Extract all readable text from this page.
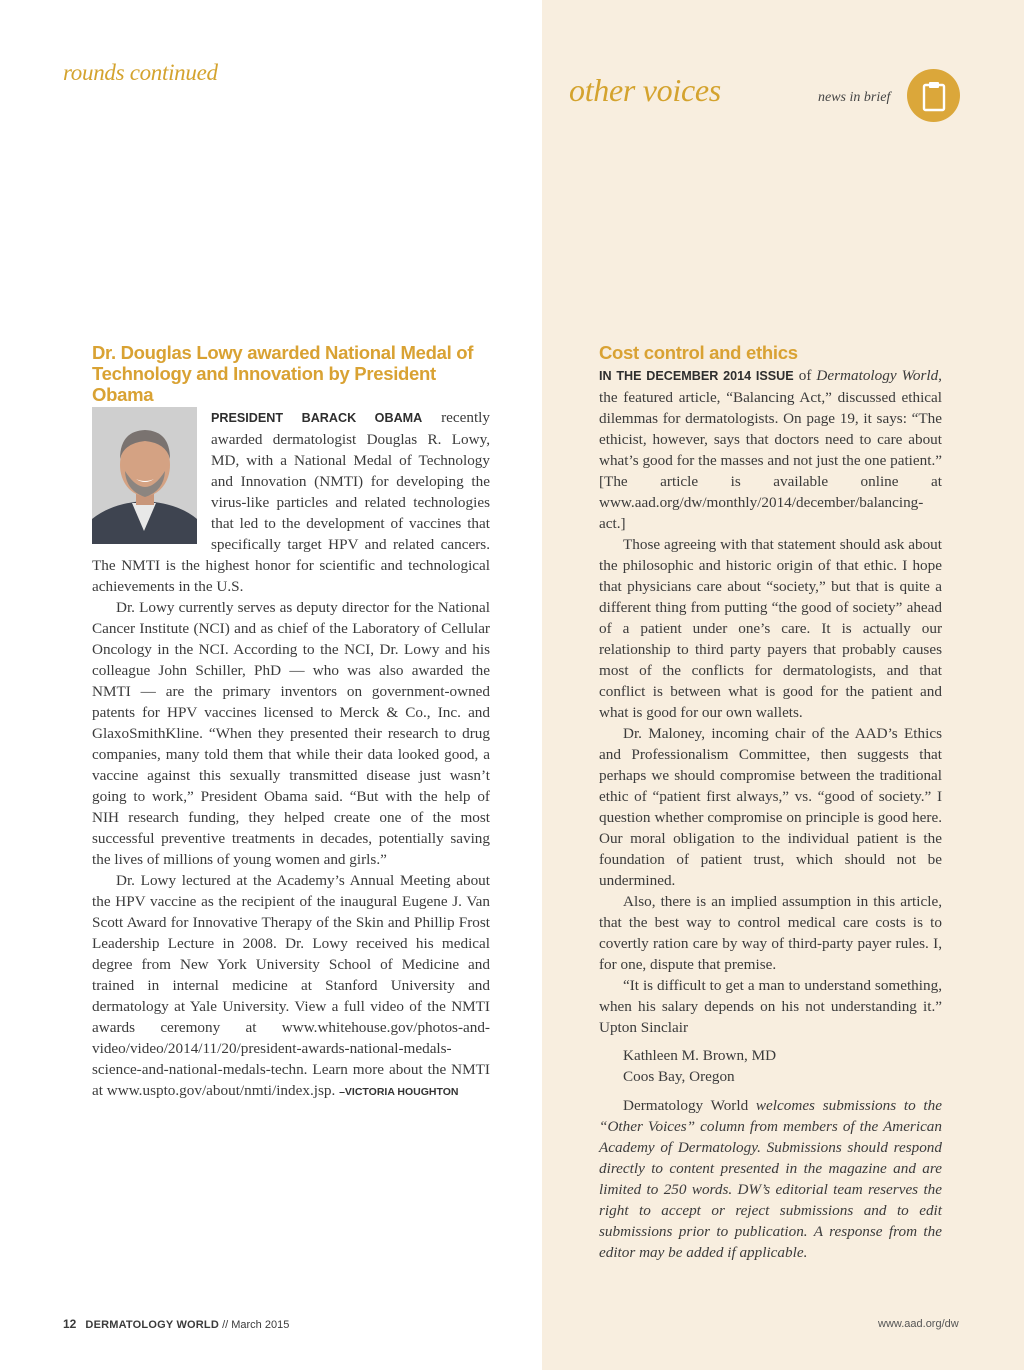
rounds continued	other voices	news in brief
Dr. Douglas Lowy awarded National Medal of Technology and Innovation by President Obama

PRESIDENT BARACK OBAMA recently awarded dermatologist Douglas R. Lowy, MD, with a National Medal of Technology and Innovation (NMTI) for developing the virus-like particles and related technologies that led to the development of vaccines that specifically target HPV and related cancers. The NMTI is the highest honor for scientific and technological achievements in the U.S.

Dr. Lowy currently serves as deputy director for the National Cancer Institute (NCI) and as chief of the Laboratory of Cellular Oncology in the NCI. According to the NCI, Dr. Lowy and his colleague John Schiller, PhD — who was also awarded the NMTI — are the primary inventors on government-owned patents for HPV vaccines licensed to Merck & Co., Inc. and GlaxoSmithKline. “When they presented their research to drug companies, many told them that while their data looked good, a vaccine against this sexually transmitted disease just wasn’t going to work,” President Obama said. “But with the help of NIH research funding, they helped create one of the most successful preventive treatments in decades, potentially saving the lives of millions of young women and girls.”

Dr. Lowy lectured at the Academy’s Annual Meeting about the HPV vaccine as the recipient of the inaugural Eugene J. Van Scott Award for Innovative Therapy of the Skin and Phillip Frost Leadership Lecture in 2008. Dr. Lowy received his medical degree from New York University School of Medicine and trained in internal medicine at Stanford University and dermatology at Yale University. View a full video of the NMTI awards ceremony at www.whitehouse.gov/photos-and-video/video/2014/11/20/president-awards-national-medals-science-and-national-medals-techn. Learn more about the NMTI at www.uspto.gov/about/nmti/index.jsp. –VICTORIA HOUGHTON

Cost control and ethics

IN THE DECEMBER 2014 ISSUE of Dermatology World, the featured article, “Balancing Act,” discussed ethical dilemmas for dermatologists. On page 19, it says: “The ethicist, however, says that doctors need to care about what’s good for the masses and not just the one patient.” [The article is available online at www.aad.org/dw/monthly/2014/december/balancing-act.]

Those agreeing with that statement should ask about the philosophic and historic origin of that ethic. I hope that physicians care about “society,” but that is quite a different thing from putting “the good of society” ahead of a patient under one’s care. It is actually our relationship to third party payers that probably causes most of the conflicts for dermatologists, and that conflict is between what is good for the patient and what is good for our own wallets.

Dr. Maloney, incoming chair of the AAD’s Ethics and Professionalism Committee, then suggests that perhaps we should compromise between the traditional ethic of “patient first always,” vs. “good of society.” I question whether compromise on principle is good here. Our moral obligation to the individual patient is the foundation of patient trust, which should not be undermined.

Also, there is an implied assumption in this article, that the best way to control medical care costs is to covertly ration care by way of third-party payer rules. I, for one, dispute that premise.

“It is difficult to get a man to understand something, when his salary depends on his not understanding it.” Upton Sinclair

Kathleen M. Brown, MD
Coos Bay, Oregon

Dermatology World welcomes submissions to the “Other Voices” column from members of the American Academy of Dermatology. Submissions should respond directly to content presented in the magazine and are limited to 250 words. DW’s editorial team reserves the right to accept or reject submissions and to edit submissions prior to publication. A response from the editor may be added if applicable.

12 DERMATOLOGY WORLD // March 2015	www.aad.org/dw
